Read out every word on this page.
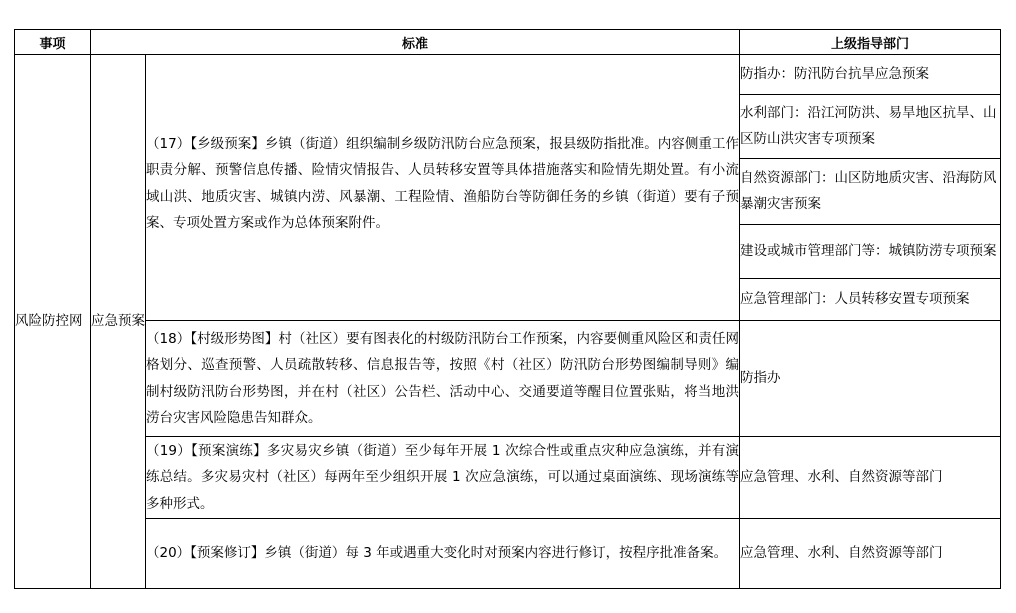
事项	标准		上级指导部门
风险防控网	应急预案	（17）【乡级预案】乡镇（街道）组织编制乡级防汛防台应急预案，报县级防指批准。内容侧重工作职责分解、预警信息传播、险情灾情报告、人员转移安置等具体措施落实和险情先期处置。有小流域山洪、地质灾害、城镇内涝、风暴潮、工程险情、渔船防台等防御任务的乡镇（街道）要有子预案、专项处置方案或作为总体预案附件。	防指办：防汛防台抗旱应急预案
			水利部门：沿江河防洪、易旱地区抗旱、山区防山洪灾害专项预案
			自然资源部门：山区防地质灾害、沿海防风暴潮灾害预案
			建设或城市管理部门等：城镇防涝专项预案
			应急管理部门：人员转移安置专项预案
		（18）【村级形势图】村（社区）要有图表化的村级防汛防台工作预案，内容要侧重风险区和责任网格划分、巡查预警、人员疏散转移、信息报告等，按照《村（社区）防汛防台形势图编制导则》编制村级防汛防台形势图，并在村（社区）公告栏、活动中心、交通要道等醒目位置张贴，将当地洪涝台灾害风险隐患告知群众。	防指办
		（19）【预案演练】多灾易灾乡镇（街道）至少每年开展 1 次综合性或重点灾种应急演练，并有演练总结。多灾易灾村（社区）每两年至少组织开展 1 次应急演练，可以通过桌面演练、现场演练等多种形式。	应急管理、水利、自然资源等部门
		（20）【预案修订】乡镇（街道）每 3 年或遇重大变化时对预案内容进行修订，按程序批准备案。	应急管理、水利、自然资源等部门
